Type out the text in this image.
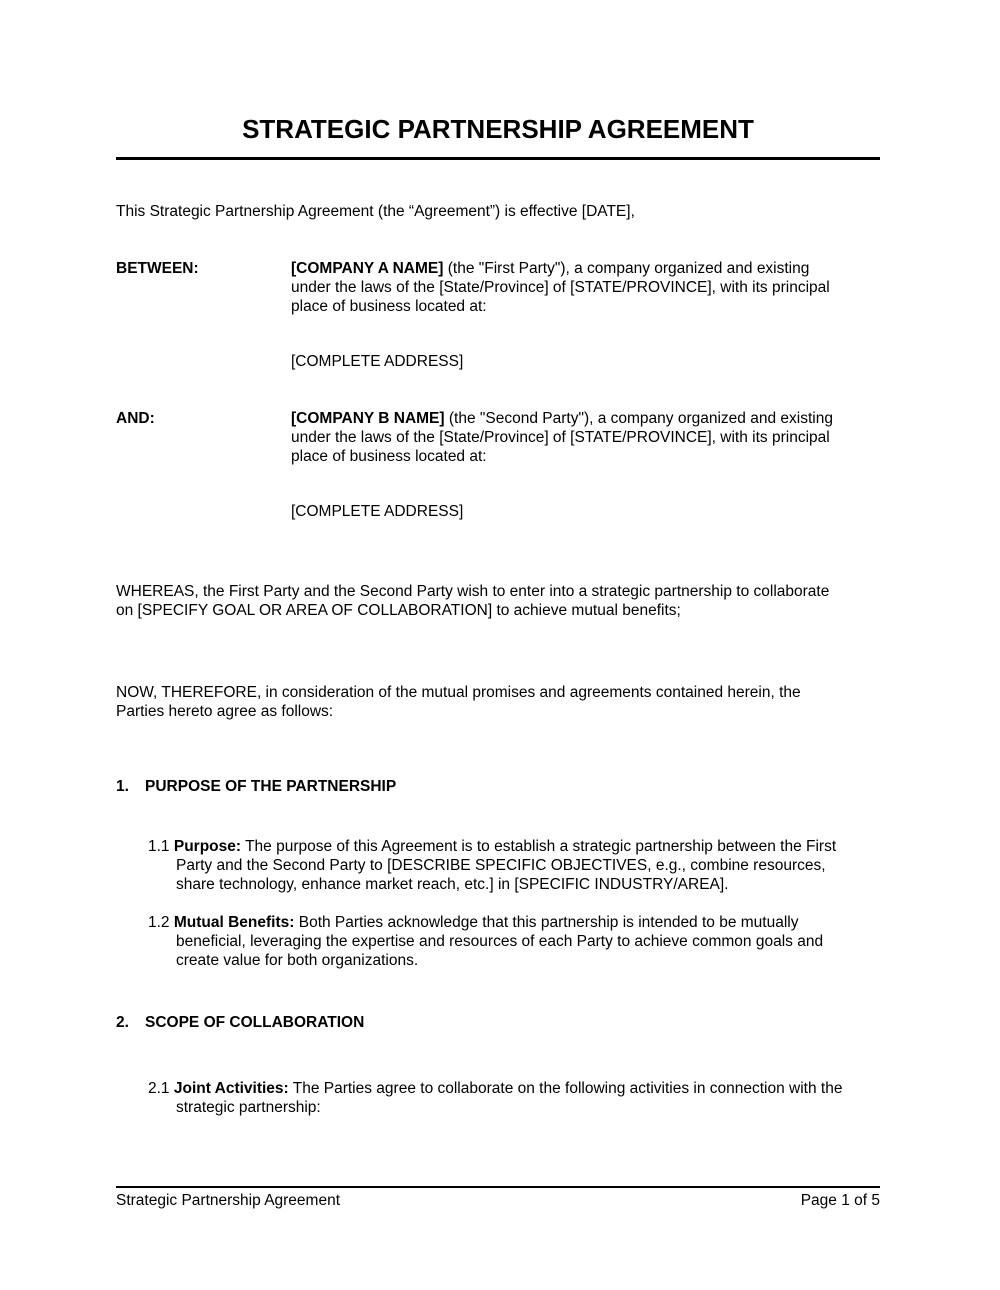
STRATEGIC PARTNERSHIP AGREEMENT
This Strategic Partnership Agreement (the “Agreement”) is effective [DATE],
BETWEEN:	[COMPANY A NAME] (the "First Party"), a company organized and existing
under the laws of the [State/Province] of [STATE/PROVINCE], with its principal
place of business located at:
[COMPLETE ADDRESS]
AND:	[COMPANY B NAME] (the "Second Party"), a company organized and existing
under the laws of the [State/Province] of [STATE/PROVINCE], with its principal
place of business located at:
[COMPLETE ADDRESS]
WHEREAS, the First Party and the Second Party wish to enter into a strategic partnership to collaborate
on [SPECIFY GOAL OR AREA OF COLLABORATION] to achieve mutual benefits;
NOW, THEREFORE, in consideration of the mutual promises and agreements contained herein, the
Parties hereto agree as follows:
1. PURPOSE OF THE PARTNERSHIP
1.1 Purpose: The purpose of this Agreement is to establish a strategic partnership between the First
Party and the Second Party to [DESCRIBE SPECIFIC OBJECTIVES, e.g., combine resources,
share technology, enhance market reach, etc.] in [SPECIFIC INDUSTRY/AREA].
1.2 Mutual Benefits: Both Parties acknowledge that this partnership is intended to be mutually
beneficial, leveraging the expertise and resources of each Party to achieve common goals and
create value for both organizations.
2. SCOPE OF COLLABORATION
2.1 Joint Activities: The Parties agree to collaborate on the following activities in connection with the
strategic partnership:
Strategic Partnership Agreement	Page 1 of 5
